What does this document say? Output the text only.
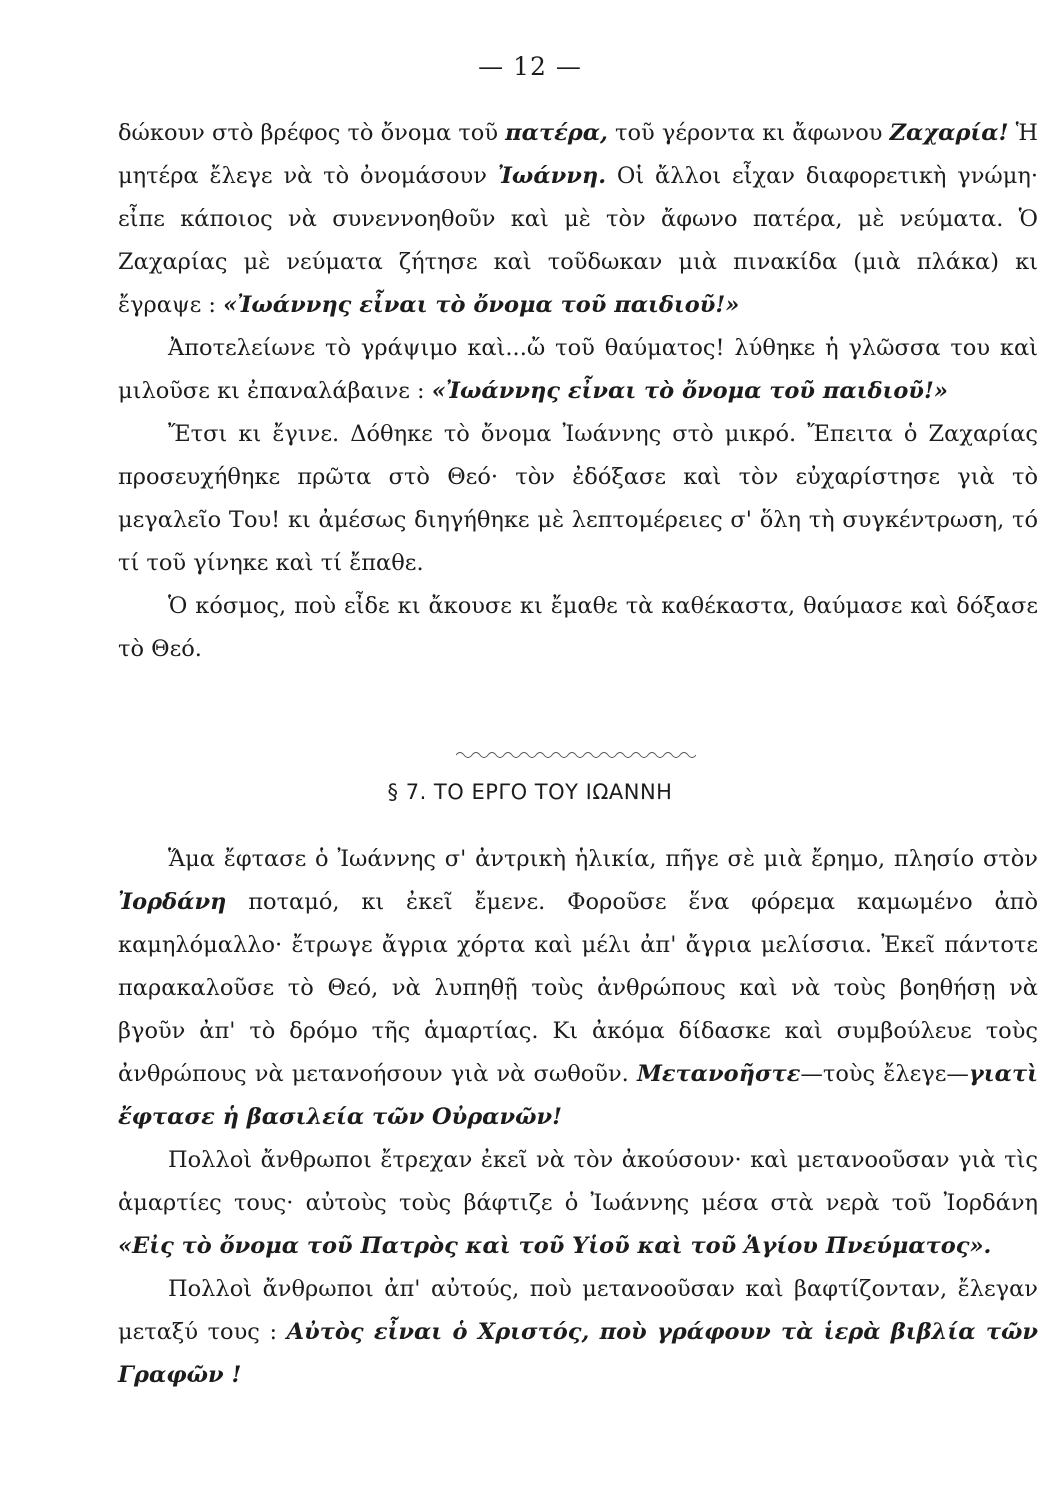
— 12 —

δώκουν στὸ βρέφος τὸ ὄνομα τοῦ πατέρα, τοῦ γέροντα κι ἄφωνου Ζαχαρία! Ἡ μητέρα ἔλεγε νὰ τὸ ὀνομάσουν Ἰωάννη. Οἱ ἄλλοι εἶχαν διαφορετικὴ γνώμη· εἶπε κάποιος νὰ συνεννοηθοῦν καὶ μὲ τὸν ἄφωνο πατέρα, μὲ νεύματα. Ὁ Ζαχαρίας μὲ νεύματα ζήτησε καὶ τοῦδωκαν μιὰ πινακίδα (μιὰ πλάκα) κι ἔγραψε : «Ἰωάννης εἶναι τὸ ὄνομα τοῦ παιδιοῦ!»

Ἀποτελείωνε τὸ γράψιμο καὶ...ὤ τοῦ θαύματος! λύθηκε ἡ γλῶσσα του καὶ μιλοῦσε κι ἐπαναλάβαινε : «Ἰωάννης εἶναι τὸ ὄνομα τοῦ παιδιοῦ!»

Ἔτσι κι ἔγινε. Δόθηκε τὸ ὄνομα Ἰωάννης στὸ μικρό. Ἔπειτα ὁ Ζαχαρίας προσευχήθηκε πρῶτα στὸ Θεό· τὸν ἐδόξασε καὶ τὸν εὐχαρίστησε γιὰ τὸ μεγαλεῖο Του! κι ἀμέσως διηγήθηκε μὲ λεπτομέρειες σ' ὅλη τὴ συγκέντρωση, τό τί τοῦ γίνηκε καὶ τί ἔπαθε.

Ὁ κόσμος, ποὺ εἶδε κι ἄκουσε κι ἔμαθε τὰ καθέκαστα, θαύμασε καὶ δόξασε τὸ Θεό.

§ 7. ΤΟ ΕΡΓΟ ΤΟΥ ΙΩΑΝΝΗ

Ἅμα ἔφτασε ὁ Ἰωάννης σ' ἀντρικὴ ἡλικία, πῆγε σὲ μιὰ ἔρημο, πλησίο στὸν Ἰορδάνη ποταμό, κι ἐκεῖ ἔμενε. Φοροῦσε ἕνα φόρεμα καμωμένο ἀπὸ καμηλόμαλλο· ἔτρωγε ἄγρια χόρτα καὶ μέλι ἀπ' ἄγρια μελίσσια. Ἐκεῖ πάντοτε παρακαλοῦσε τὸ Θεό, νὰ λυπηθῇ τοὺς ἀνθρώπους καὶ νὰ τοὺς βοηθήσῃ νὰ βγοῦν ἀπ' τὸ δρόμο τῆς ἁμαρτίας. Κι ἀκόμα δίδασκε καὶ συμβούλευε τοὺς ἀνθρώπους νὰ μετανοήσουν γιὰ νὰ σωθοῦν. Μετανοῆστε—τοὺς ἔλεγε—γιατὶ ἔφτασε ἡ βασιλεία τῶν Οὐρανῶν!

Πολλοὶ ἄνθρωποι ἔτρεχαν ἐκεῖ νὰ τὸν ἀκούσουν· καὶ μετανοοῦσαν γιὰ τὶς ἁμαρτίες τους· αὐτοὺς τοὺς βάφτιζε ὁ Ἰωάννης μέσα στὰ νερὰ τοῦ Ἰορδάνη «Εἰς τὸ ὄνομα τοῦ Πατρὸς καὶ τοῦ Υἱοῦ καὶ τοῦ Ἁγίου Πνεύματος».

Πολλοὶ ἄνθρωποι ἀπ' αὐτούς, ποὺ μετανοοῦσαν καὶ βαφτίζονταν, ἔλεγαν μεταξύ τους : Αὐτὸς εἶναι ὁ Χριστός, ποὺ γράφουν τὰ ἱερὰ βιβλία τῶν Γραφῶν !
